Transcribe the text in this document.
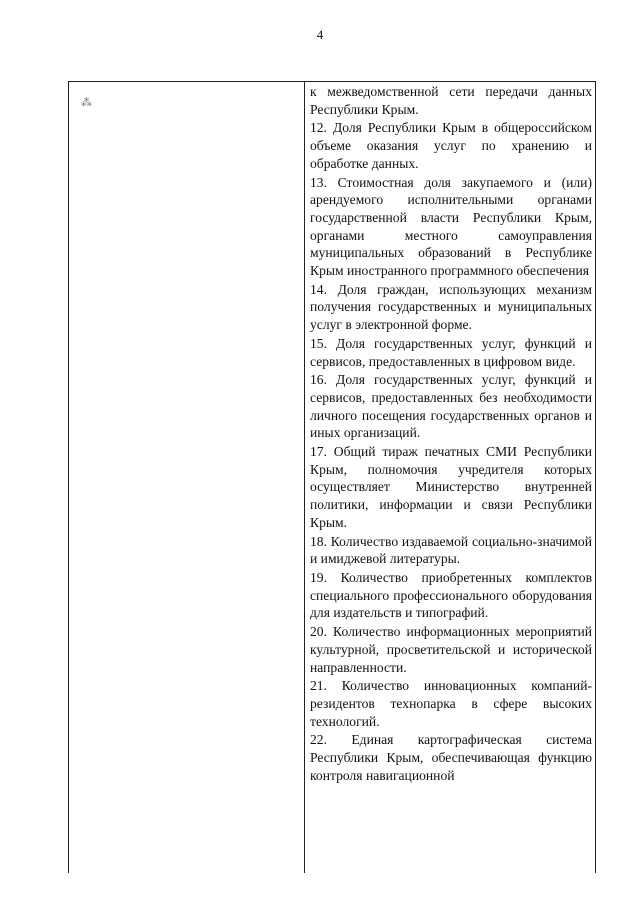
4
⁂

к межведомственной сети передачи данных Республики Крым.

12. Доля Республики Крым в общероссийском объеме оказания услуг по хранению и обработке данных.

13. Стоимостная доля закупаемого и (или) арендуемого исполнительными органами государственной власти Республики Крым, органами местного самоуправления муниципальных образований в Республике Крым иностранного программного обеспечения

14. Доля граждан, использующих механизм получения государственных и муниципальных услуг в электронной форме.

15. Доля государственных услуг, функций и сервисов, предоставленных в цифровом виде.

16. Доля государственных услуг, функций и сервисов, предоставленных без необходимости личного посещения государственных органов и иных организаций.

17. Общий тираж печатных СМИ Республики Крым, полномочия учредителя которых осуществляет Министерство внутренней политики, информации и связи Республики Крым.

18. Количество издаваемой социально-значимой и имиджевой литературы.

19. Количество приобретенных комплектов специального профессионального оборудования для издательств и типографий.

20. Количество информационных мероприятий культурной, просветительской и исторической направленности.

21. Количество инновационных компаний-резидентов технопарка в сфере высоких технологий.

22. Единая картографическая система Республики Крым, обеспечивающая функцию контроля навигационной
